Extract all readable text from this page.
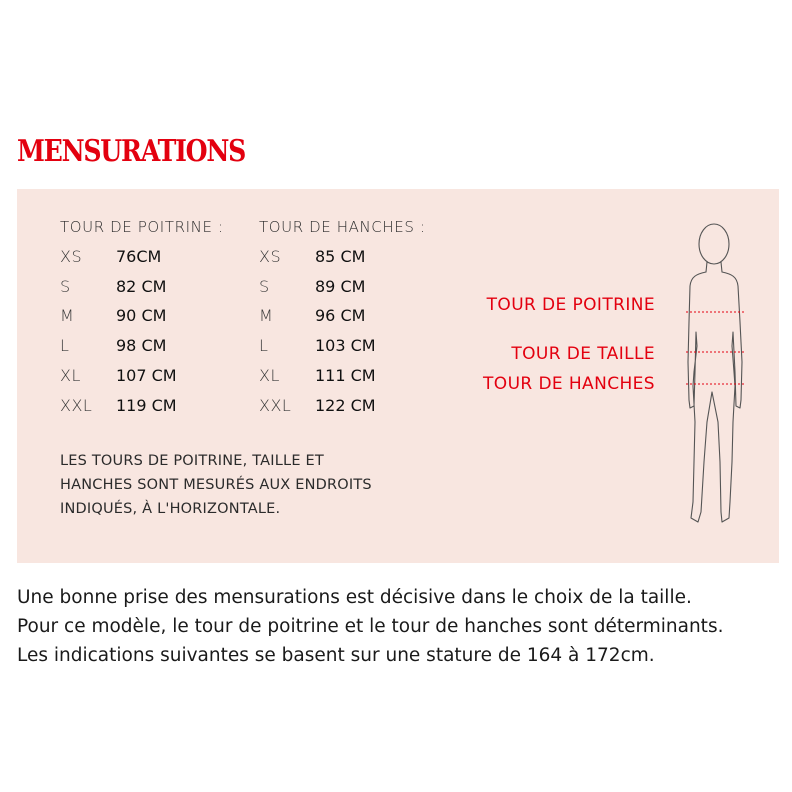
MENSURATIONS
TOUR DE POITRINE :
XS 76CM
S	82 CM
M	90 CM
L	98 CM
XL 107 CM
XXL 119 CM
TOUR DE HANCHES :
XS 85 CM
S	89 CM
M	96 CM
L	103 CM
XL 111 CM
XXL 122 CM
LES TOURS DE POITRINE, TAILLE ET
HANCHES SONT MESURÉS AUX ENDROITS
INDIQUÉS, À L'HORIZONTALE.
TOUR DE POITRINE
TOUR DE TAILLE
TOUR DE HANCHES
Une bonne prise des mensurations est décisive dans le choix de la taille.
Pour ce modèle, le tour de poitrine et le tour de hanches sont déterminants.
Les indications suivantes se basent sur une stature de 164 à 172cm.
